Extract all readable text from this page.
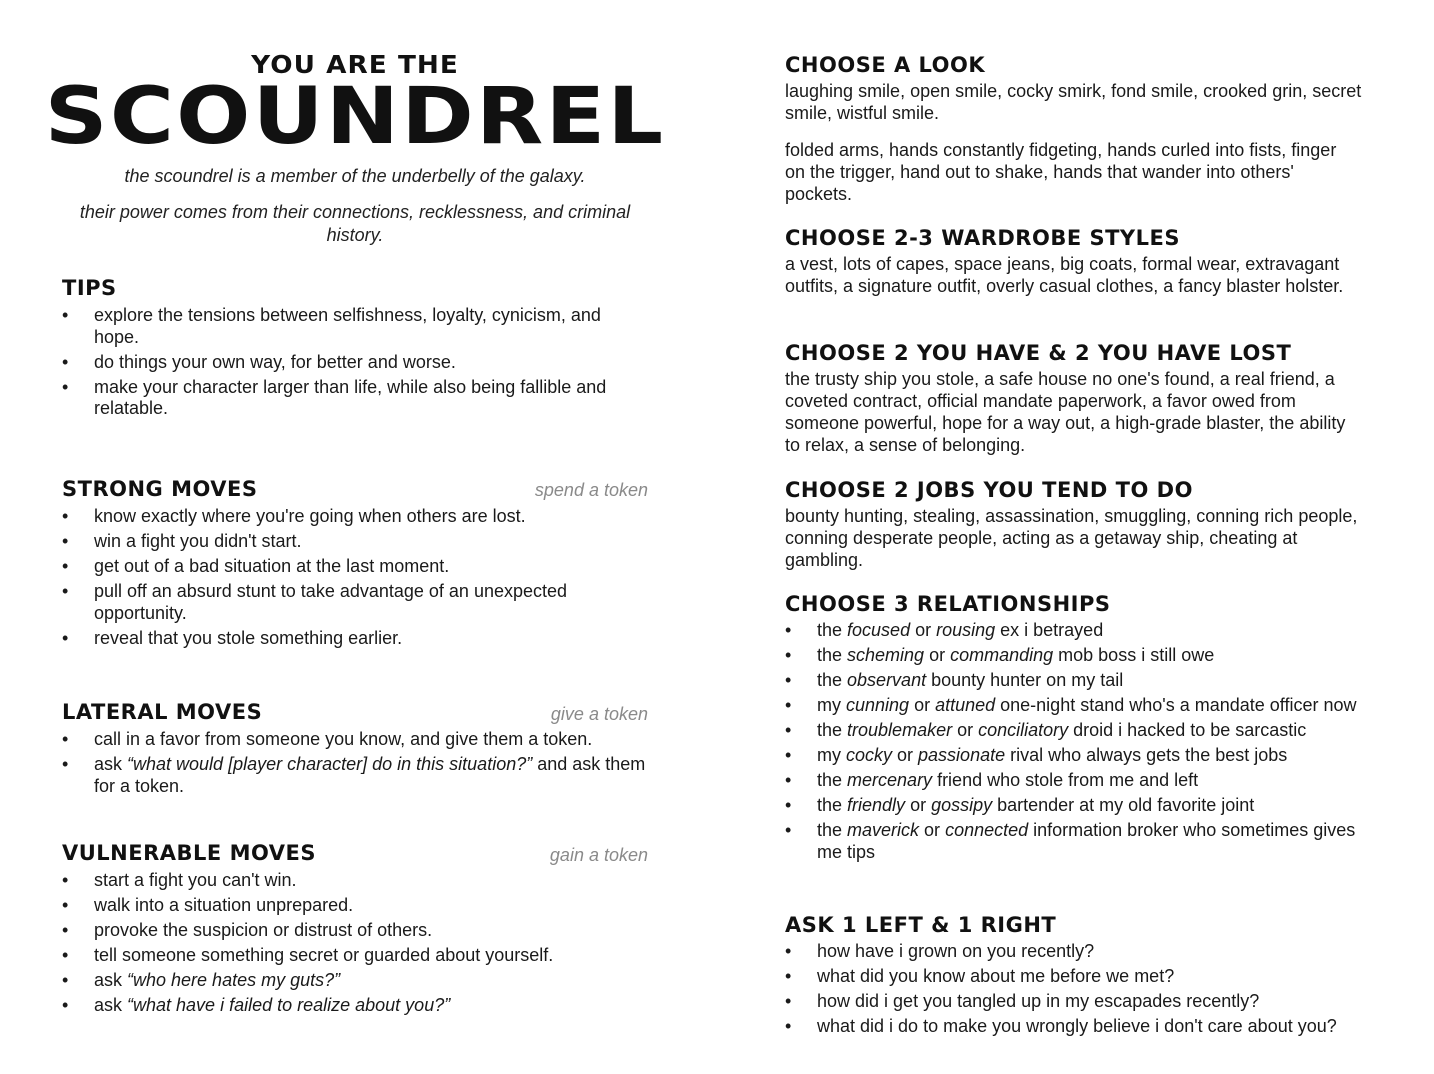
YOU ARE THE
SCOUNDREL
the scoundrel is a member of the underbelly of the galaxy.
their power comes from their connections, recklessness, and criminal history.
TIPS
• explore the tensions between selfishness, loyalty, cynicism, and hope.
• do things your own way, for better and worse.
• make your character larger than life, while also being fallible and relatable.
STRONG MOVES	spend a token
• know exactly where you're going when others are lost.
• win a fight you didn't start.
• get out of a bad situation at the last moment.
• pull off an absurd stunt to take advantage of an unexpected opportunity.
• reveal that you stole something earlier.
LATERAL MOVES	give a token
• call in a favor from someone you know, and give them a token.
• ask “what would [player character] do in this situation?” and ask them for a token.
VULNERABLE MOVES	gain a token
• start a fight you can't win.
• walk into a situation unprepared.
• provoke the suspicion or distrust of others.
• tell someone something secret or guarded about yourself.
• ask “who here hates my guts?”
• ask “what have i failed to realize about you?”
CHOOSE A LOOK

laughing smile, open smile, cocky smirk, fond smile, crooked grin, secret smile, wistful smile.

folded arms, hands constantly fidgeting, hands curled into fists, finger on the trigger, hand out to shake, hands that wander into others' pockets.

CHOOSE 2-3 WARDROBE STYLES

a vest, lots of capes, space jeans, big coats, formal wear, extravagant outfits, a signature outfit, overly casual clothes, a fancy blaster holster.

CHOOSE 2 YOU HAVE & 2 YOU HAVE LOST

the trusty ship you stole, a safe house no one's found, a real friend, a coveted contract, official mandate paperwork, a favor owed from someone powerful, hope for a way out, a high-grade blaster, the ability to relax, a sense of belonging.

CHOOSE 2 JOBS YOU TEND TO DO

bounty hunting, stealing, assassination, smuggling, conning rich people, conning desperate people, acting as a getaway ship, cheating at gambling.

CHOOSE 3 RELATIONSHIPS
• the focused or rousing ex i betrayed
• the scheming or commanding mob boss i still owe
• the observant bounty hunter on my tail
• my cunning or attuned one-night stand who's a mandate officer now
• the troublemaker or conciliatory droid i hacked to be sarcastic
• my cocky or passionate rival who always gets the best jobs
• the mercenary friend who stole from me and left
• the friendly or gossipy bartender at my old favorite joint
• the maverick or connected information broker who sometimes gives me tips
ASK 1 LEFT & 1 RIGHT
• how have i grown on you recently?
• what did you know about me before we met?
• how did i get you tangled up in my escapades recently?
• what did i do to make you wrongly believe i don't care about you?
